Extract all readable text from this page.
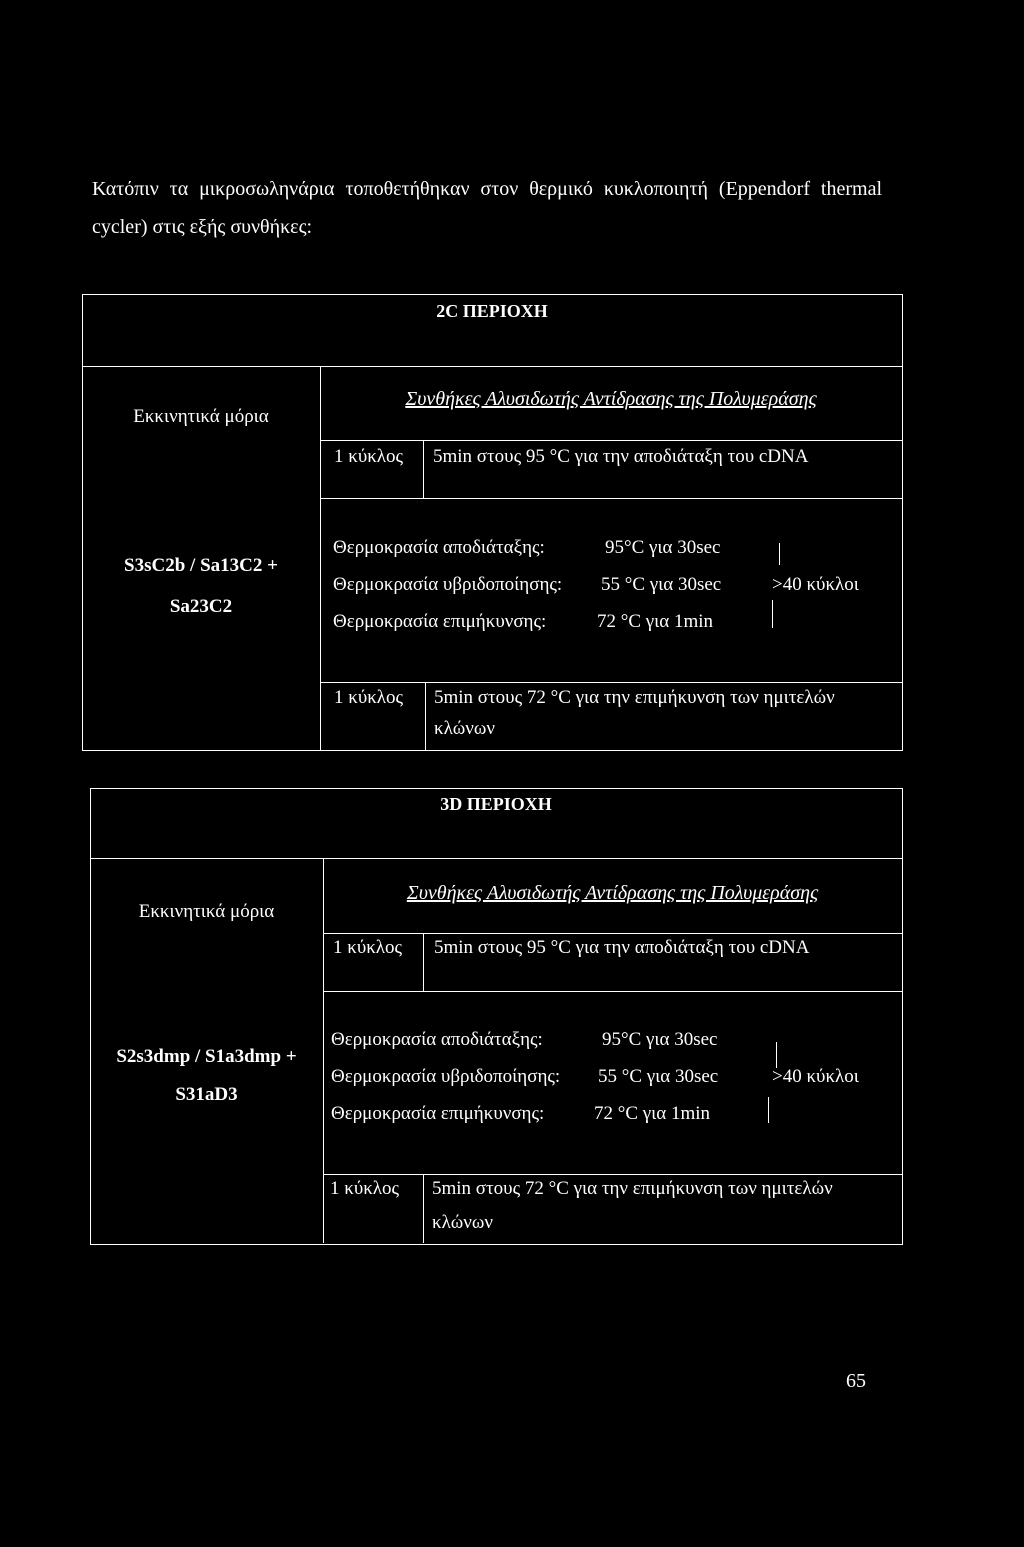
Κατόπιν τα μικροσωληνάρια τοποθετήθηκαν στον θερμικό κυκλοποιητή (Eppendorf thermal cycler) στις εξής συνθήκες:
2C ΠΕΡΙΟΧΗ
Εκκινητικά μόρια
Συνθήκες Αλυσιδωτής Αντίδρασης της Πολυμεράσης
1 κύκλος 5min στους 95 °C για την αποδιάταξη του cDNA
S3sC2b / Sa13C2 +
Sa23C2
Θερμοκρασία αποδιάταξης:	95°C για 30sec
Θερμοκρασία υβριδοποίησης: 55 °C για 30sec
Θερμοκρασία επιμήκυνσης:	72 °C για 1min
>40 κύκλοι
1 κύκλος 5min στους 72 °C για την επιμήκυνση των ημιτελών
κλώνων
3D ΠΕΡΙΟΧΗ
Εκκινητικά μόρια
Συνθήκες Αλυσιδωτής Αντίδρασης της Πολυμεράσης
1 κύκλος 5min στους 95 °C για την αποδιάταξη του cDNA
S2s3dmp / S1a3dmp +
S31aD3
Θερμοκρασία αποδιάταξης:	95°C για 30sec
Θερμοκρασία υβριδοποίησης: 55 °C για 30sec
Θερμοκρασία επιμήκυνσης:	72 °C για 1min
>40 κύκλοι
1 κύκλος 5min στους 72 °C για την επιμήκυνση των ημιτελών
κλώνων
65
